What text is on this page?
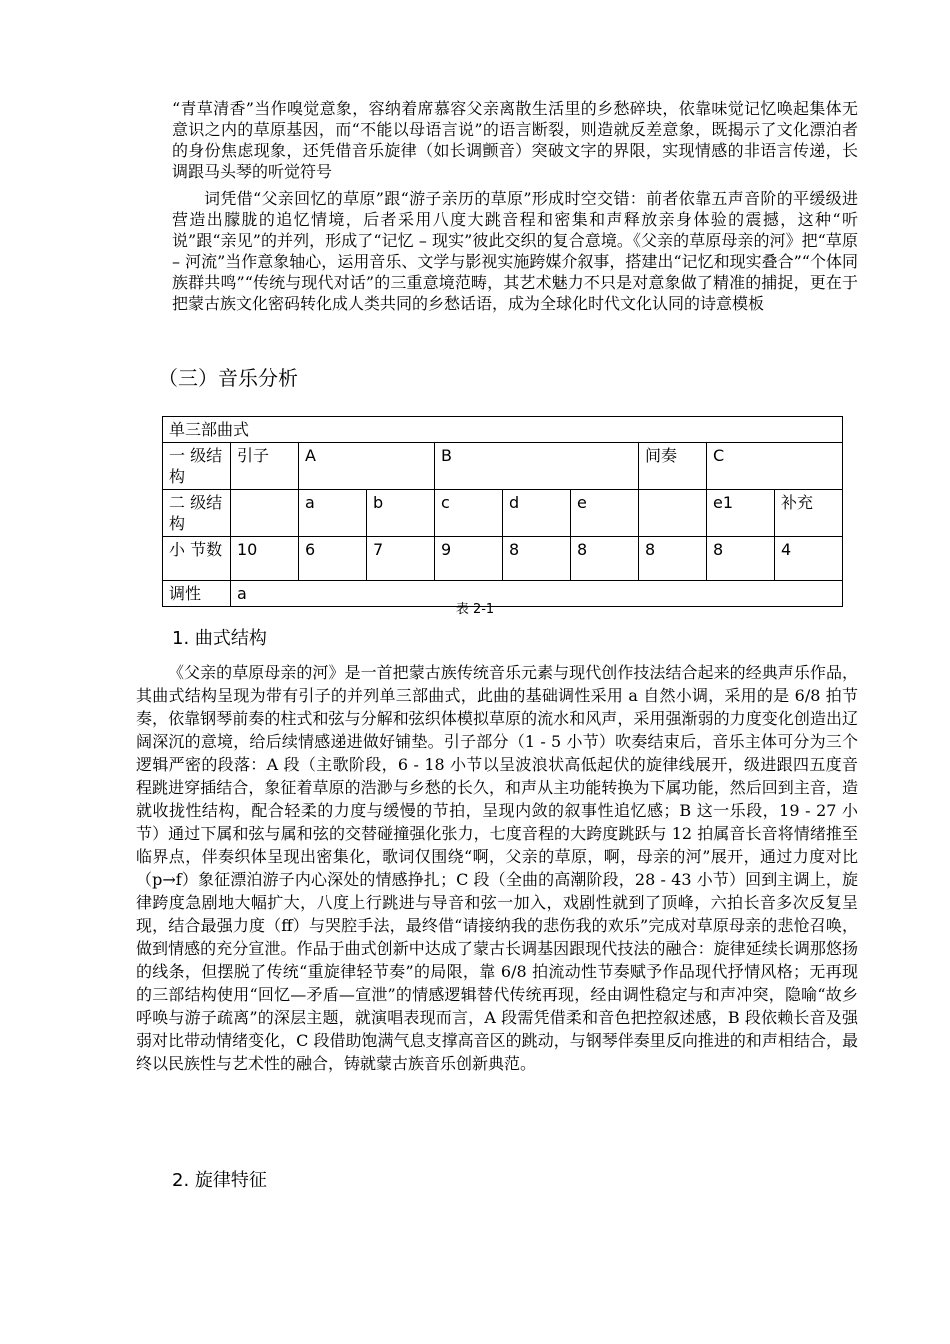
“青草清香”当作嗅觉意象，容纳着席慕容父亲离散生活里的乡愁碎块，依靠味觉记忆唤起集体无意识之内的草原基因，而“不能以母语言说”的语言断裂，则造就反差意象，既揭示了文化漂泊者的身份焦虑现象，还凭借音乐旋律（如长调颤音）突破文字的界限，实现情感的非语言传递，长调跟马头琴的听觉符号

词凭借“父亲回忆的草原”跟“游子亲历的草原”形成时空交错：前者依靠五声音阶的平缓级进营造出朦胧的追忆情境，后者采用八度大跳音程和密集和声释放亲身体验的震撼，这种“听说”跟“亲见”的并列，形成了“记忆 – 现实”彼此交织的复合意境。《父亲的草原母亲的河》把“草原 – 河流”当作意象轴心，运用音乐、文学与影视实施跨媒介叙事，搭建出“记忆和现实叠合”“个体同族群共鸣”“传统与现代对话”的三重意境范畴，其艺术魅力不只是对意象做了精准的捕捉，更在于把蒙古族文化密码转化成人类共同的乡愁话语，成为全球化时代文化认同的诗意模板

（三）音乐分析
单三部曲式									
一 级结构	引子	A		B			间奏	C	
二 级结构		a	b	c	d	e		e1	补充
小 节数	10	6	7	9	8	8	8	8	4
调性	a								

表 2-1

1. 曲式结构

《父亲的草原母亲的河》是一首把蒙古族传统音乐元素与现代创作技法结合起来的经典声乐作品，其曲式结构呈现为带有引子的并列单三部曲式，此曲的基础调性采用 a 自然小调，采用的是 6/8 拍节奏，依靠钢琴前奏的柱式和弦与分解和弦织体模拟草原的流水和风声，采用强渐弱的力度变化创造出辽阔深沉的意境，给后续情感递进做好铺垫。引子部分（1 - 5 小节）吹奏结束后，音乐主体可分为三个逻辑严密的段落：A 段（主歌阶段，6 - 18 小节以呈波浪状高低起伏的旋律线展开，级进跟四五度音程跳进穿插结合，象征着草原的浩渺与乡愁的长久，和声从主功能转换为下属功能，然后回到主音，造就收拢性结构，配合轻柔的力度与缓慢的节拍，呈现内敛的叙事性追忆感；B 这一乐段，19 - 27 小节）通过下属和弦与属和弦的交替碰撞强化张力，七度音程的大跨度跳跃与 12 拍属音长音将情绪推至临界点，伴奏织体呈现出密集化，歌词仅围绕“啊，父亲的草原，啊，母亲的河”展开，通过力度对比（p→f）象征漂泊游子内心深处的情感挣扎；C 段（全曲的高潮阶段，28 - 43 小节）回到主调上，旋律跨度急剧地大幅扩大，八度上行跳进与导音和弦一加入，戏剧性就到了顶峰，六拍长音多次反复呈现，结合最强力度（ff）与哭腔手法，最终借“请接纳我的悲伤我的欢乐”完成对草原母亲的悲怆召唤，做到情感的充分宣泄。作品于曲式创新中达成了蒙古长调基因跟现代技法的融合：旋律延续长调那悠扬的线条，但摆脱了传统“重旋律轻节奏”的局限，靠 6/8 拍流动性节奏赋予作品现代抒情风格；无再现的三部结构使用“回忆—矛盾—宣泄”的情感逻辑替代传统再现，经由调性稳定与和声冲突，隐喻“故乡呼唤与游子疏离”的深层主题，就演唱表现而言，A 段需凭借柔和音色把控叙述感，B 段依赖长音及强弱对比带动情绪变化，C 段借助饱满气息支撑高音区的跳动，与钢琴伴奏里反向推进的和声相结合，最终以民族性与艺术性的融合，铸就蒙古族音乐创新典范。

2. 旋律特征
